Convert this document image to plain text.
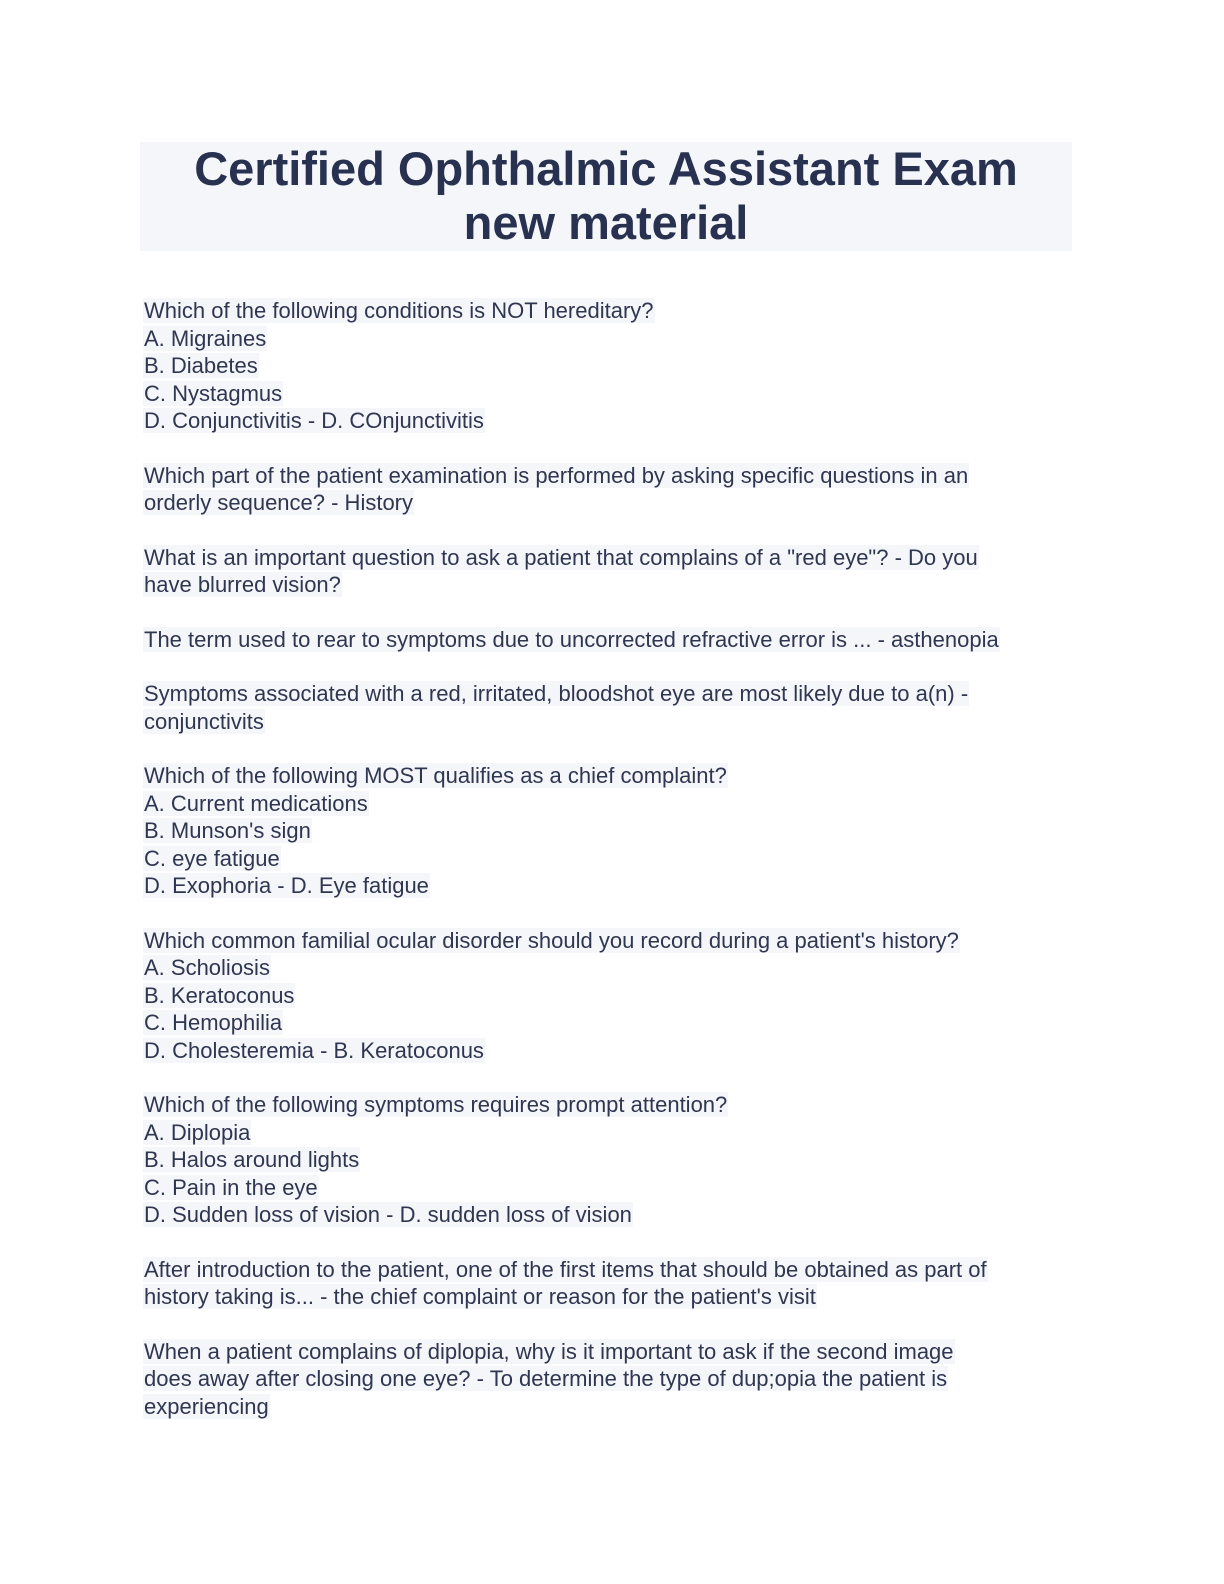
Certified Ophthalmic Assistant Exam
new material
Which of the following conditions is NOT hereditary?
A. Migraines
B. Diabetes
C. Nystagmus
D. Conjunctivitis - D. COnjunctivitis
Which part of the patient examination is performed by asking specific questions in an
orderly sequence? - History
What is an important question to ask a patient that complains of a "red eye"? - Do you
have blurred vision?
The term used to rear to symptoms due to uncorrected refractive error is ... - asthenopia
Symptoms associated with a red, irritated, bloodshot eye are most likely due to a(n) -
conjunctivits
Which of the following MOST qualifies as a chief complaint?
A. Current medications
B. Munson's sign
C. eye fatigue
D. Exophoria - D. Eye fatigue
Which common familial ocular disorder should you record during a patient's history?
A. Scholiosis
B. Keratoconus
C. Hemophilia
D. Cholesteremia - B. Keratoconus
Which of the following symptoms requires prompt attention?
A. Diplopia
B. Halos around lights
C. Pain in the eye
D. Sudden loss of vision - D. sudden loss of vision
After introduction to the patient, one of the first items that should be obtained as part of
history taking is... - the chief complaint or reason for the patient's visit
When a patient complains of diplopia, why is it important to ask if the second image
does away after closing one eye? - To determine the type of dup;opia the patient is
experiencing
